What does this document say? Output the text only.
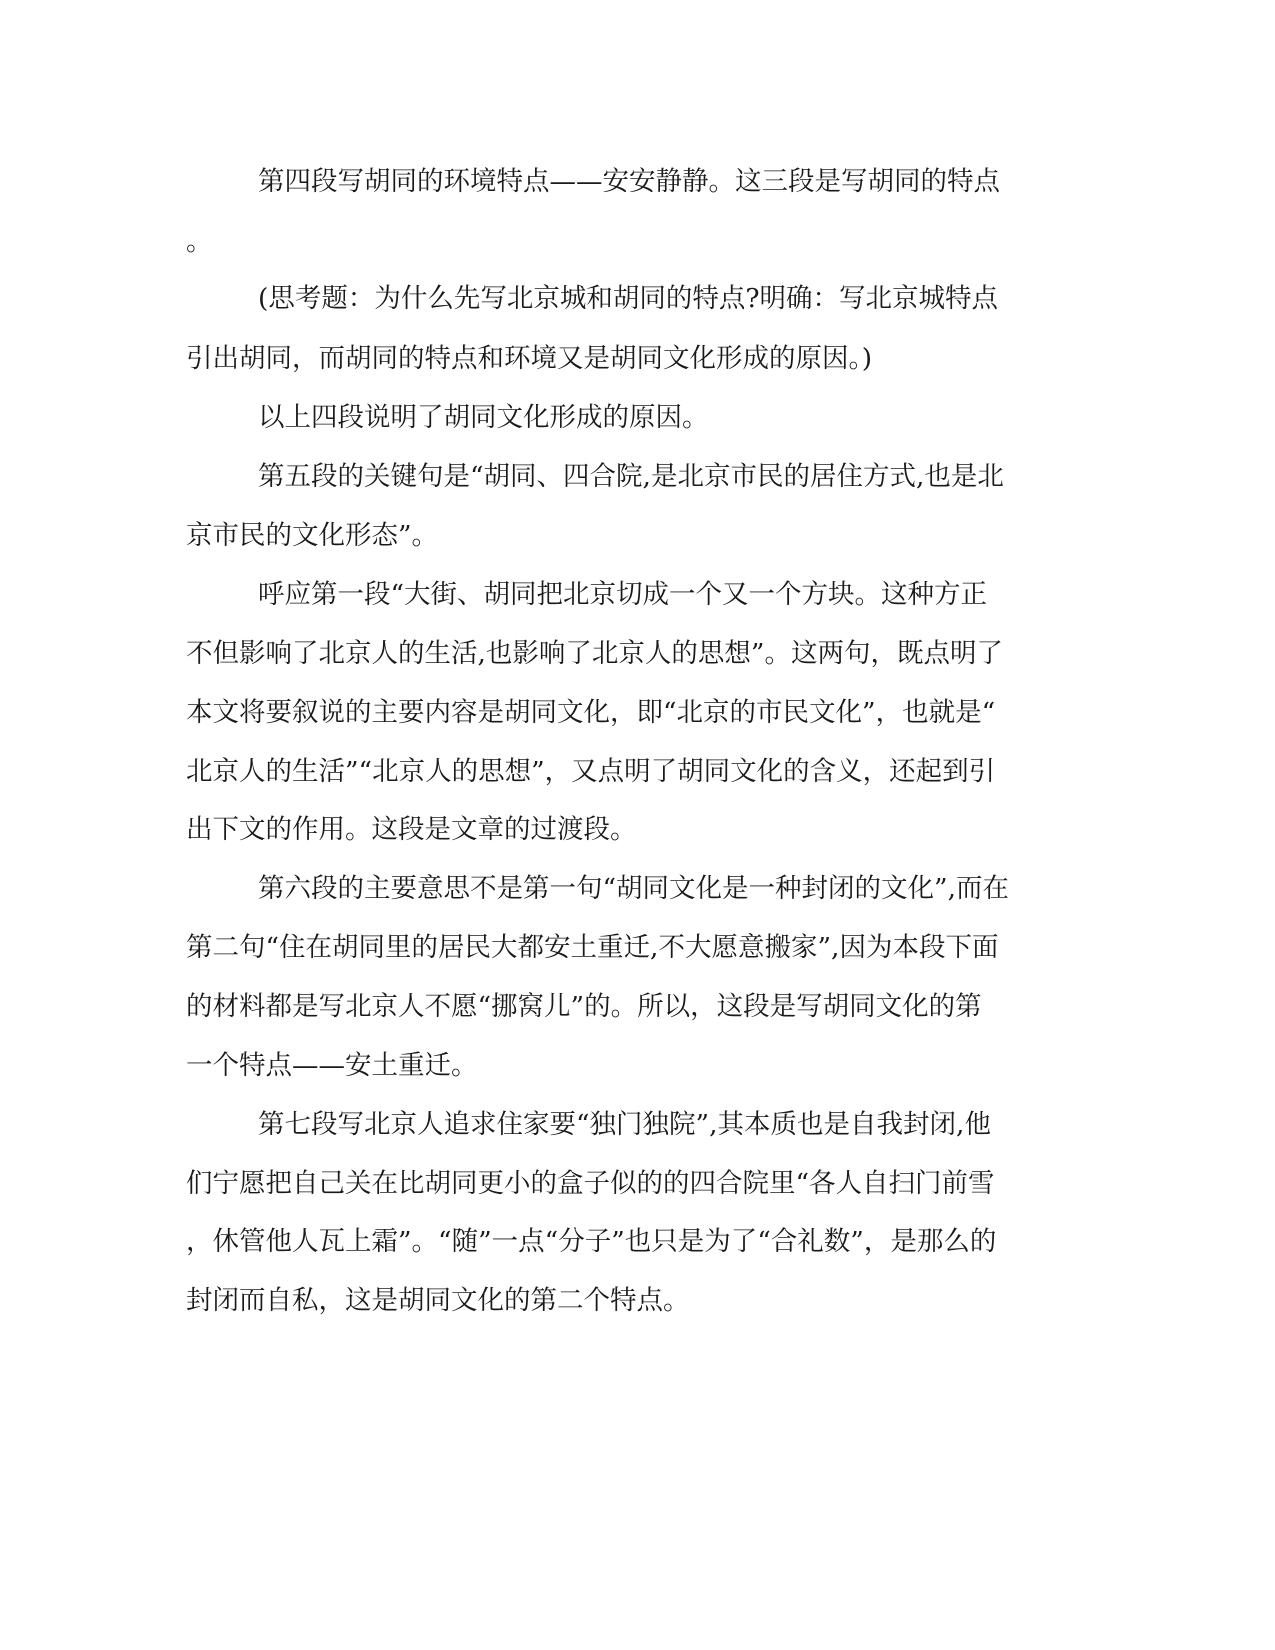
第四段写胡同的环境特点——安安静静。这三段是写胡同的特点
。
(思考题：为什么先写北京城和胡同的特点?明确：写北京城特点
引出胡同，而胡同的特点和环境又是胡同文化形成的原因。)
以上四段说明了胡同文化形成的原因。
第五段的关键句是“胡同、四合院,是北京市民的居住方式,也是北
京市民的文化形态”。
呼应第一段“大街、胡同把北京切成一个又一个方块。这种方正
不但影响了北京人的生活,也影响了北京人的思想”。这两句，既点明了
本文将要叙说的主要内容是胡同文化，即“北京的市民文化”，也就是“
北京人的生活”“北京人的思想”，又点明了胡同文化的含义，还起到引
出下文的作用。这段是文章的过渡段。
第六段的主要意思不是第一句“胡同文化是一种封闭的文化”,而在
第二句“住在胡同里的居民大都安土重迁,不大愿意搬家”,因为本段下面
的材料都是写北京人不愿“挪窝儿”的。所以，这段是写胡同文化的第
一个特点——安土重迁。
第七段写北京人追求住家要“独门独院”,其本质也是自我封闭,他
们宁愿把自己关在比胡同更小的盒子似的的四合院里“各人自扫门前雪
，休管他人瓦上霜”。“随”一点“分子”也只是为了“合礼数”，是那么的
封闭而自私，这是胡同文化的第二个特点。
